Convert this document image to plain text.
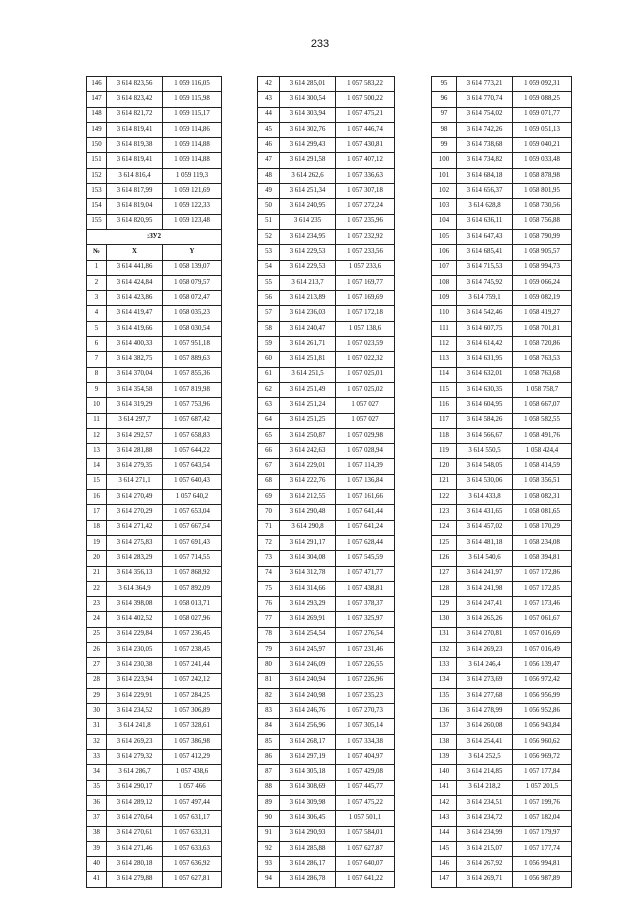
233
146	3 614 823,56	1 059 116,05
147	3 614 823,42	1 059 115,98
148	3 614 821,72	1 059 115,17
149	3 614 819,41	1 059 114,86
150	3 614 819,38	1 059 114,88
151	3 614 819,41	1 059 114,88
152	3 614 816,4	1 059 119,3
153	3 614 817,99	1 059 121,69
154	3 614 819,04	1 059 122,33
155	3 614 820,95	1 059 123,48
:ЗУ2		
№	X	Y
1	3 614 441,86	1 058 139,07
2	3 614 424,84	1 058 079,57
3	3 614 423,86	1 058 072,47
4	3 614 419,47	1 058 035,23
5	3 614 419,66	1 058 030,54
6	3 614 400,33	1 057 951,18
7	3 614 382,75	1 057 889,63
8	3 614 370,04	1 057 855,36
9	3 614 354,58	1 057 819,98
10	3 614 319,29	1 057 753,96
11	3 614 297,7	1 057 687,42
12	3 614 292,57	1 057 658,83
13	3 614 281,88	1 057 644,22
14	3 614 279,35	1 057 643,54
15	3 614 271,1	1 057 640,43
16	3 614 270,49	1 057 640,2
17	3 614 270,29	1 057 653,04
18	3 614 271,42	1 057 667,54
19	3 614 275,83	1 057 691,43
20	3 614 283,29	1 057 714,55
21	3 614 356,13	1 057 868,92
22	3 614 364,9	1 057 892,09
23	3 614 398,08	1 058 013,71
24	3 614 402,52	1 058 027,96
25	3 614 229,84	1 057 236,45
26	3 614 230,05	1 057 238,45
27	3 614 230,38	1 057 241,44
28	3 614 223,94	1 057 242,12
29	3 614 229,91	1 057 284,25
30	3 614 234,52	1 057 306,89
31	3 614 241,8	1 057 328,61
32	3 614 269,23	1 057 386,98
33	3 614 279,32	1 057 412,29
34	3 614 286,7	1 057 438,6
35	3 614 290,17	1 057 466
36	3 614 289,12	1 057 497,44
37	3 614 270,64	1 057 631,17
38	3 614 270,61	1 057 633,31
39	3 614 271,46	1 057 633,63
40	3 614 280,18	1 057 636,92
41	3 614 279,88	1 057 627,81
42	3 614 285,01	1 057 583,22
43	3 614 300,54	1 057 500,22
44	3 614 303,94	1 057 475,21
45	3 614 302,76	1 057 446,74
46	3 614 299,43	1 057 430,81
47	3 614 291,58	1 057 407,12
48	3 614 262,6	1 057 336,63
49	3 614 251,34	1 057 307,18
50	3 614 240,95	1 057 272,24
51	3 614 235	1 057 235,96
52	3 614 234,95	1 057 232,92
53	3 614 229,53	1 057 233,56
54	3 614 229,53	1 057 233,6
55	3 614 213,7	1 057 169,77
56	3 614 213,89	1 057 169,69
57	3 614 236,03	1 057 172,18
58	3 614 240,47	1 057 138,6
59	3 614 261,71	1 057 023,59
60	3 614 251,81	1 057 022,32
61	3 614 251,5	1 057 025,01
62	3 614 251,49	1 057 025,02
63	3 614 251,24	1 057 027
64	3 614 251,25	1 057 027
65	3 614 250,87	1 057 029,98
66	3 614 242,63	1 057 028,94
67	3 614 229,01	1 057 114,39
68	3 614 222,76	1 057 136,84
69	3 614 212,55	1 057 161,66
70	3 614 290,48	1 057 641,44
71	3 614 290,8	1 057 641,24
72	3 614 291,17	1 057 628,44
73	3 614 304,08	1 057 545,59
74	3 614 312,78	1 057 471,77
75	3 614 314,66	1 057 438,81
76	3 614 293,29	1 057 378,37
77	3 614 269,91	1 057 325,97
78	3 614 254,54	1 057 276,54
79	3 614 245,97	1 057 231,46
80	3 614 246,09	1 057 226,55
81	3 614 240,94	1 057 226,96
82	3 614 240,98	1 057 235,23
83	3 614 246,76	1 057 270,73
84	3 614 256,96	1 057 305,14
85	3 614 268,17	1 057 334,38
86	3 614 297,19	1 057 404,97
87	3 614 305,18	1 057 429,08
88	3 614 308,69	1 057 445,77
89	3 614 309,98	1 057 475,22
90	3 614 306,45	1 057 501,1
91	3 614 290,93	1 057 584,01
92	3 614 285,88	1 057 627,87
93	3 614 286,17	1 057 640,07
94	3 614 286,78	1 057 641,22
95	3 614 773,21	1 059 092,31
96	3 614 770,74	1 059 088,25
97	3 614 754,02	1 059 071,77
98	3 614 742,26	1 059 051,13
99	3 614 738,68	1 059 040,21
100	3 614 734,82	1 059 033,48
101	3 614 684,18	1 058 878,98
102	3 614 656,37	1 058 801,95
103	3 614 628,8	1 058 730,56
104	3 614 636,11	1 058 756,88
105	3 614 647,43	1 058 790,99
106	3 614 685,41	1 058 905,57
107	3 614 715,53	1 058 994,73
108	3 614 745,92	1 059 066,24
109	3 614 759,1	1 059 082,19
110	3 614 542,46	1 058 419,27
111	3 614 607,75	1 058 701,81
112	3 614 614,42	1 058 720,86
113	3 614 631,95	1 058 763,53
114	3 614 632,01	1 058 763,68
115	3 614 630,35	1 058 758,7
116	3 614 604,95	1 058 667,07
117	3 614 584,26	1 058 582,55
118	3 614 566,67	1 058 491,76
119	3 614 550,5	1 058 424,4
120	3 614 548,05	1 058 414,59
121	3 614 530,06	1 058 356,51
122	3 614 433,8	1 058 082,31
123	3 614 431,65	1 058 081,65
124	3 614 457,02	1 058 170,29
125	3 614 481,18	1 058 234,08
126	3 614 540,6	1 058 394,81
127	3 614 241,97	1 057 172,86
128	3 614 241,98	1 057 172,85
129	3 614 247,41	1 057 173,46
130	3 614 265,26	1 057 061,67
131	3 614 270,81	1 057 016,69
132	3 614 269,23	1 057 016,49
133	3 614 246,4	1 056 139,47
134	3 614 273,69	1 056 972,42
135	3 614 277,68	1 056 956,99
136	3 614 278,99	1 056 952,86
137	3 614 260,08	1 056 943,84
138	3 614 254,41	1 056 960,62
139	3 614 252,5	1 056 969,72
140	3 614 214,85	1 057 177,84
141	3 614 218,2	1 057 201,5
142	3 614 234,51	1 057 199,76
143	3 614 234,72	1 057 182,04
144	3 614 234,99	1 057 179,97
145	3 614 215,07	1 057 177,74
146	3 614 267,92	1 056 994,81
147	3 614 269,71	1 056 987,89
